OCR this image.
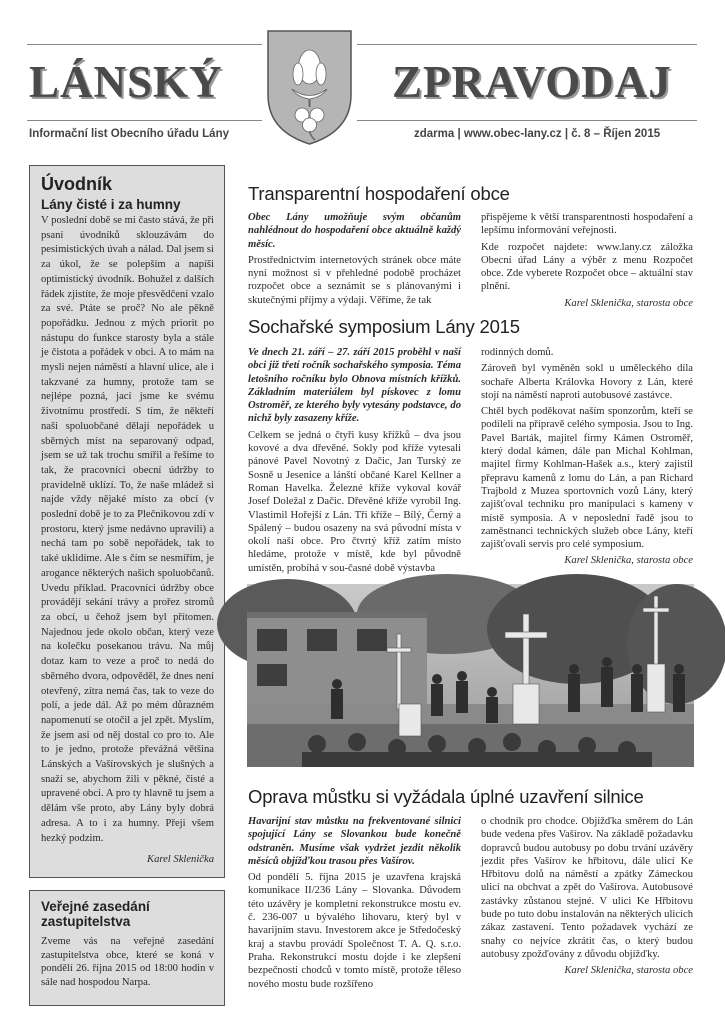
LÁNSKÝ	ZPRAVODAJ
Informační list Obecního úřadu Lány	zdarma | www.obec-lany.cz | č. 8 – Říjen 2015
Úvodník
Lány čisté i za humny
V poslední době se mi často stává, že při psaní úvodníků sklouzávám do pesimistických úvah a nálad. Dal jsem si za úkol, že se polepším a napíši optimistický úvodník. Bohužel z dalších řádek zjistíte, že moje přesvědčení vzalo za své. Ptáte se proč? No ale pěkně popořádku. Jednou z mých priorit po nástupu do funkce starosty byla a stále je čistota a pořádek v obci. A to mám na mysli nejen náměstí a hlavní ulice, ale i takzvané za humny, protože tam se nejlépe pozná, jací jsme ke svému životnímu prostředí. S tím, že někteří naši spoluobčané dělají nepořádek u sběrných míst na separovaný odpad, jsem se už tak trochu smířil a řešíme to tak, že pracovníci obecní údržby to pravidelně uklízí. To, že naše mládež si najde vždy nějaké místo za obcí (v poslední době je to za Plečnikovou zdí v prostoru, který jsme nedávno upravili) a nechá tam po sobě nepořádek, tak to také uklidíme. Ale s čím se nesmířím, je arogance některých našich spoluobčanů. Uvedu příklad. Pracovníci údržby obce provádějí sekání trávy a prořez stromů za obcí, u čehož jsem byl přítomen. Najednou jede okolo občan, který veze na kolečku posekanou trávu. Na můj dotaz kam to veze a proč to nedá do sběrného dvora, odpověděl, že dnes není otevřený, zítra nemá čas, tak to veze do polí, a jede dál. Až po mém důrazném napomenutí se otočil a jel zpět. Myslím, že jsem asi od něj dostal co pro to. Ale to je jedno, protože převážná většina Lánských a Vašírovských je slušných a snaží se, abychom žili v pěkné, čisté a upravené obci. A pro ty hlavně tu jsem a dělám vše proto, aby Lány byly dobrá adresa. A to i za humny. Přeji všem hezký podzim.
Karel Sklenička
Veřejné zasedání zastupitelstva
Zveme vás na veřejné zasedání zastupitelstva obce, které se koná v pondělí 26. října 2015 od 18:00 hodin v sále nad hospodou Narpa.
Transparentní hospodaření obce

Obec Lány umožňuje svým občanům nahlédnout do hospodaření obce aktuálně každý měsíc.

Prostřednictvím internetových stránek obce máte nyní možnost si v přehledné podobě procházet rozpočet obce a seznámit se s plánovanými i skutečnými příjmy a výdaji. Věříme, že tak

přispějeme k větší transparentnosti hospodaření a lepšímu informování veřejnosti.

Kde rozpočet najdete: www.lany.cz záložka Obecní úřad Lány a výběr z menu Rozpočet obce. Zde vyberete Rozpočet obce – aktuální stav plnění.

Karel Sklenička, starosta obce

Sochařské symposium Lány 2015

Ve dnech 21. září – 27. září 2015 proběhl v naší obci již třetí ročník sochařského symposia. Téma letošního ročníku bylo Obnova místních křížků. Základním materiálem byl pískovec z lomu Ostroměř, ze kterého byly vytesány podstavce, do nichž byly zasazeny kříže.

Celkem se jedná o čtyři kusy křížků – dva jsou kovové a dva dřevěné. Sokly pod kříže vytesali pánové Pavel Novotný z Dačic, Jan Turský ze Sosně u Jesenice a lánští občané Karel Kellner a Roman Havelka. Železné kříže vykoval kovář Josef Doležal z Dačic. Dřevěné kříže vyrobil Ing. Vlastimil Hořejší z Lán. Tři kříže – Bílý, Černý a Spálený – budou osazeny na svá původní místa v okolí naší obce. Pro čtvrtý kříž zatím místo hledáme, protože v místě, kde byl původně umístěn, probíhá v sou-časné době výstavba

rodinných domů.

Zároveň byl vyměněn sokl u uměleckého díla sochaře Alberta Královka Hovory z Lán, které stojí na náměstí naproti autobusové zastávce.

Chtěl bych poděkovat naším sponzorům, kteří se podíleli na přípravě celého symposia. Jsou to Ing. Pavel Barták, majitel firmy Kámen Ostroměř, který dodal kámen, dále pan Michal Kohlman, majitel firmy Kohlman-Hašek a.s., který zajistil přepravu kamenů z lomu do Lán, a pan Richard Trajbold z Muzea sportovních vozů Lány, který zajišťoval techniku pro manipulaci s kameny v místě symposia. A v neposlední řadě jsou to zaměstnanci technických služeb obce Lány, kteří zajišťovali servis pro celé symposium.

Karel Sklenička, starosta obce

Oprava můstku si vyžádala úplné uzavření silnice

Havarijní stav můstku na frekventované silnici spojující Lány se Slovankou bude konečně odstraněn. Musíme však vydržet jezdit několik měsíců objížďkou trasou přes Vašírov.

Od pondělí 5. října 2015 je uzavřena krajská komunikace II/236 Lány – Slovanka. Důvodem této uzávěry je kompletní rekonstrukce mostu ev. č. 236-007 u bývalého lihovaru, který byl v havarijním stavu. Investorem akce je Středočeský kraj a stavbu provádí Společnost T. A. Q. s.r.o. Praha. Rekonstrukcí mostu dojde i ke zlepšení bezpečnosti chodců v tomto místě, protože těleso nového mostu bude rozšířeno

o chodník pro chodce. Objížďka směrem do Lán bude vedena přes Vašírov. Na základě požadavku dopravců budou autobusy po dobu trvání uzávěry jezdit přes Vašírov ke hřbitovu, dále ulicí Ke Hřbitovu dolů na náměstí a zpátky Zámeckou ulicí na obchvat a zpět do Vašírova. Autobusové zastávky zůstanou stejné. V ulici Ke Hřbitovu bude po tuto dobu instalován na některých ulicích zákaz zastavení. Tento požadavek vychází ze snahy co nejvíce zkrátit čas, o který budou autobusy zpožďovány z důvodu objížďky.

Karel Sklenička, starosta obce
